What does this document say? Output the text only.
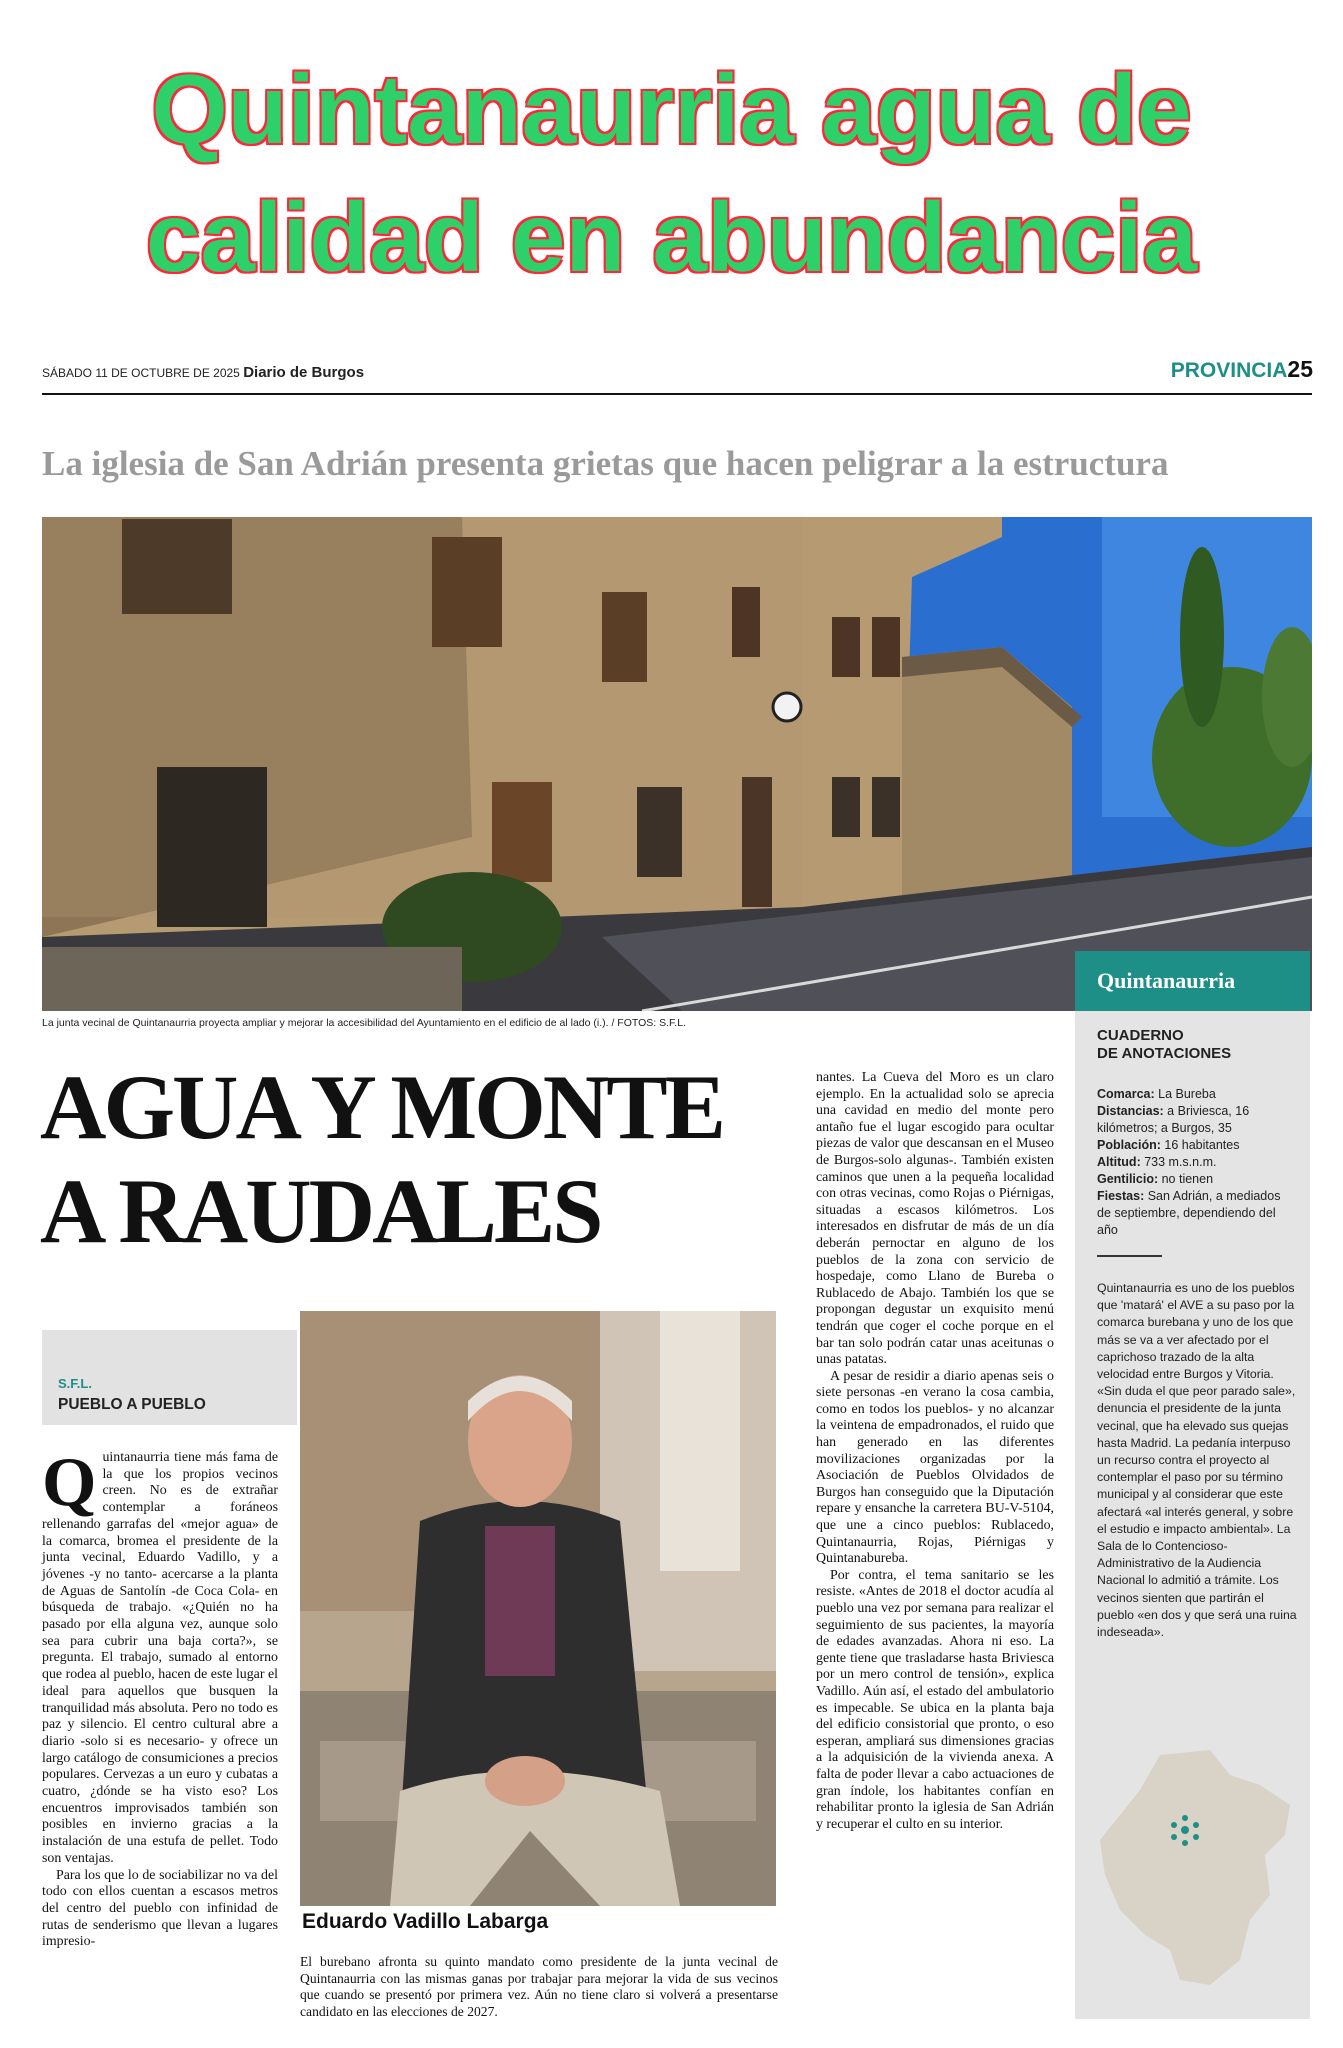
Quintanaurria agua de
calidad en abundancia
SÁBADO 11 DE OCTUBRE DE 2025 Diario de Burgos	PROVINCIA25
La iglesia de San Adrián presenta grietas que hacen peligrar a la estructura
La junta vecinal de Quintanaurria proyecta ampliar y mejorar la accesibilidad del Ayuntamiento en el edificio de al lado (i.). / FOTOS: S.F.L.
AGUA Y MONTE
A RAUDALES
S.F.L.
PUEBLO A PUEBLO

Quintanaurria tiene más fama de la que los propios vecinos creen. No es de extrañar contemplar a foráneos rellenando garrafas del «mejor agua» de la comarca, bromea el presidente de la junta vecinal, Eduardo Vadillo, y a jóvenes -y no tanto- acercarse a la planta de Aguas de Santolín -de Coca Cola- en búsqueda de trabajo. «¿Quién no ha pasado por ella alguna vez, aunque solo sea para cubrir una baja corta?», se pregunta. El trabajo, sumado al entorno que rodea al pueblo, hacen de este lugar el ideal para aquellos que busquen la tranquilidad más absoluta. Pero no todo es paz y silencio. El centro cultural abre a diario -solo si es necesario- y ofrece un largo catálogo de consumiciones a precios populares. Cervezas a un euro y cubatas a cuatro, ¿dónde se ha visto eso? Los encuentros improvisados también son posibles en invierno gracias a la instalación de una estufa de pellet. Todo son ventajas.

Para los que lo de sociabilizar no va del todo con ellos cuentan a escasos metros del centro del pueblo con infinidad de rutas de senderismo que llevan a lugares impresio-

Eduardo Vadillo Labarga
El burebano afronta su quinto mandato como presidente de la junta vecinal de Quintanaurria con las mismas ganas por trabajar para mejorar la vida de sus vecinos que cuando se presentó por primera vez. Aún no tiene claro si volverá a presentarse candidato en las elecciones de 2027.

nantes. La Cueva del Moro es un claro ejemplo. En la actualidad solo se aprecia una cavidad en medio del monte pero antaño fue el lugar escogido para ocultar piezas de valor que descansan en el Museo de Burgos-solo algunas-. También existen caminos que unen a la pequeña localidad con otras vecinas, como Rojas o Piérnigas, situadas a escasos kilómetros. Los interesados en disfrutar de más de un día deberán pernoctar en alguno de los pueblos de la zona con servicio de hospedaje, como Llano de Bureba o Rublacedo de Abajo. También los que se propongan degustar un exquisito menú tendrán que coger el coche porque en el bar tan solo podrán catar unas aceitunas o unas patatas.

A pesar de residir a diario apenas seis o siete personas -en verano la cosa cambia, como en todos los pueblos- y no alcanzar la veintena de empadronados, el ruido que han generado en las diferentes movilizaciones organizadas por la Asociación de Pueblos Olvidados de Burgos han conseguido que la Diputación repare y ensanche la carretera BU-V-5104, que une a cinco pueblos: Rublacedo, Quintanaurria, Rojas, Piérnigas y Quintanabureba.

Por contra, el tema sanitario se les resiste. «Antes de 2018 el doctor acudía al pueblo una vez por semana para realizar el seguimiento de sus pacientes, la mayoría de edades avanzadas. Ahora ni eso. La gente tiene que trasladarse hasta Briviesca por un mero control de tensión», explica Vadillo. Aún así, el estado del ambulatorio es impecable. Se ubica en la planta baja del edificio consistorial que pronto, o eso esperan, ampliará sus dimensiones gracias a la adquisición de la vivienda anexa. A falta de poder llevar a cabo actuaciones de gran índole, los habitantes confían en rehabilitar pronto la iglesia de San Adrián y recuperar el culto en su interior.

Quintanaurria
CUADERNO
DE ANOTACIONES

Comarca: La Bureba

Distancias: a Briviesca, 16 kilómetros; a Burgos, 35

Población: 16 habitantes

Altitud: 733 m.s.n.m.

Gentilicio: no tienen

Fiestas: San Adrián, a mediados de septiembre, dependiendo del año

Quintanaurria es uno de los pueblos que 'matará' el AVE a su paso por la comarca burebana y uno de los que más se va a ver afectado por el caprichoso trazado de la alta velocidad entre Burgos y Vitoria. «Sin duda el que peor parado sale», denuncia el presidente de la junta vecinal, que ha elevado sus quejas hasta Madrid. La pedanía interpuso un recurso contra el proyecto al contemplar el paso por su término municipal y al considerar que este afectará «al interés general, y sobre el estudio e impacto ambiental». La Sala de lo Contencioso-Administrativo de la Audiencia Nacional lo admitió a trámite. Los vecinos sienten que partirán el pueblo «en dos y que será una ruina indeseada».
